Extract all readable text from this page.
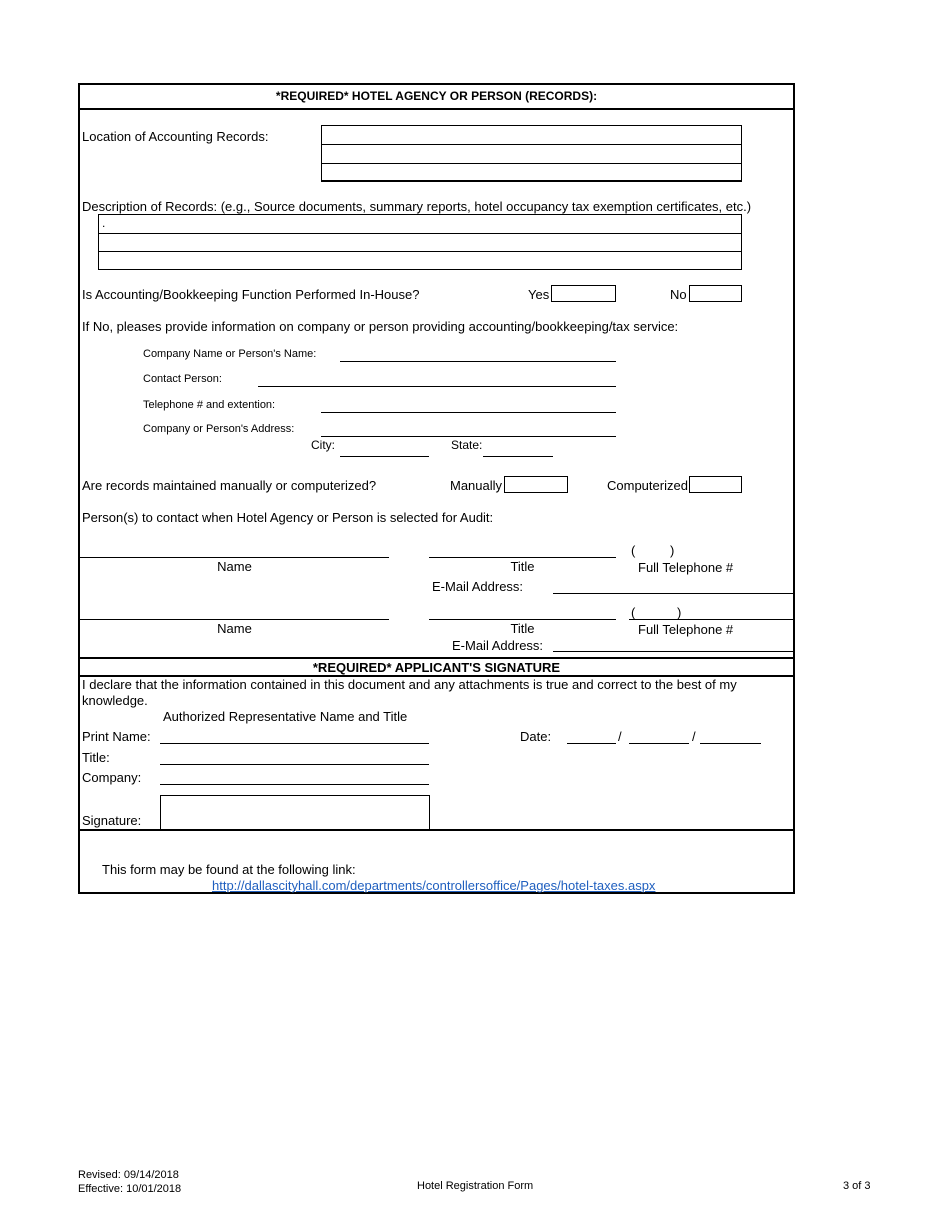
*REQUIRED* HOTEL AGENCY OR PERSON (RECORDS):
Location of Accounting Records:
Description of Records: (e.g., Source documents, summary reports, hotel occupancy tax exemption certificates, etc.)
.
Is Accounting/Bookkeeping Function Performed In-House?	Yes	No
If No, pleases provide information on company or person providing accounting/bookkeeping/tax service:
Company Name or Person's Name:
Contact Person:
Telephone # and extention:
Company or Person's Address:
City:	State:
Are records maintained manually or computerized?	Manually	Computerized
Person(s) to contact when Hotel Agency or Person is selected for Audit:
(	)
Name	Title	Full Telephone #
E-Mail Address:
(	)
Name	Title	Full Telephone #
E-Mail Address:
*REQUIRED* APPLICANT'S SIGNATURE
I declare that the information contained in this document and any attachments is true and correct to the best of my knowledge.
Authorized Representative Name and Title
Print Name:	Date:	/	/
Title:
Company:
Signature:
This form may be found at the following link:
http://dallascityhall.com/departments/controllersoffice/Pages/hotel-taxes.aspx
Revised: 09/14/2018
Effective: 10/01/2018	Hotel Registration Form	3 of 3
